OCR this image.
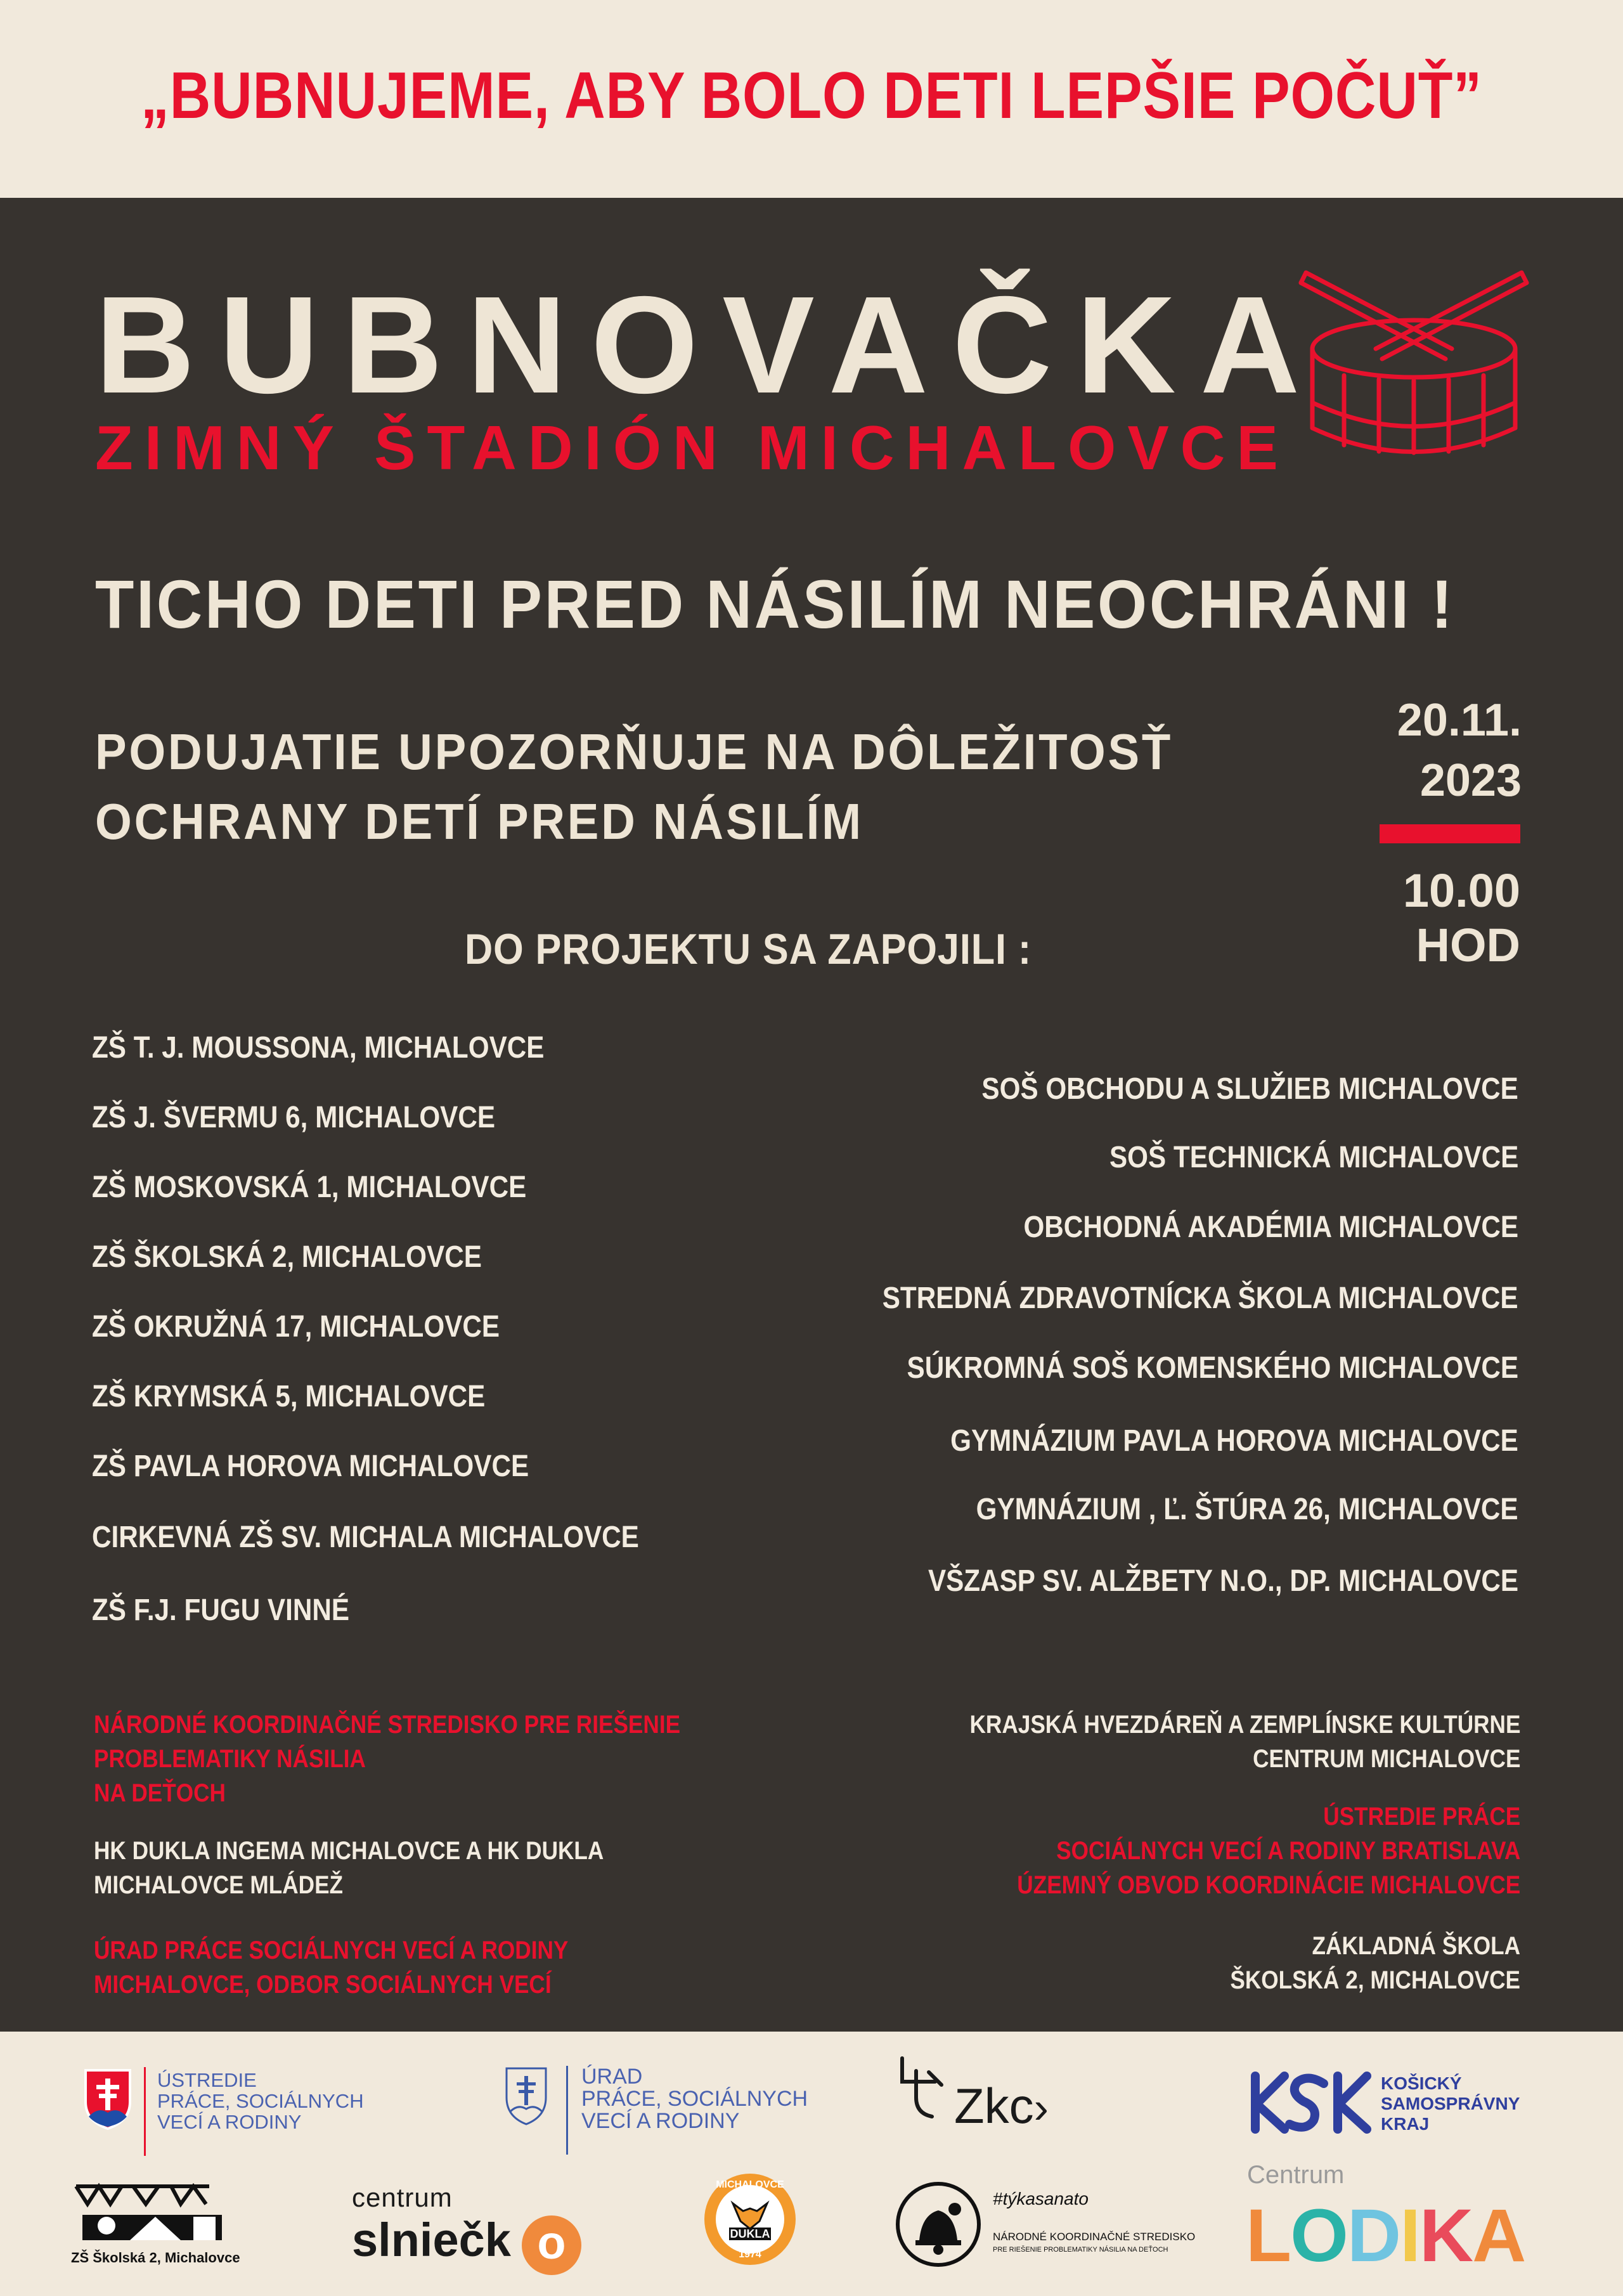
„BUBNUJEME, ABY BOLO DETI LEPŠIE POČUŤ”
BUBNOVAČKA
ZIMNÝ ŠTADIÓN MICHALOVCE
TICHO DETI PRED NÁSILÍM NEOCHRÁNI !
PODUJATIE UPOZORŇUJE NA DÔLEŽITOSŤ
OCHRANY DETÍ PRED NÁSILÍM
20.11.
2023
10.00
HOD
DO PROJEKTU SA ZAPOJILI :
ZŠ T. J. MOUSSONA, MICHALOVCE
ZŠ J. ŠVERMU 6, MICHALOVCE
ZŠ MOSKOVSKÁ 1, MICHALOVCE
ZŠ ŠKOLSKÁ 2, MICHALOVCE
ZŠ OKRUŽNÁ 17, MICHALOVCE
ZŠ KRYMSKÁ 5, MICHALOVCE
ZŠ PAVLA HOROVA MICHALOVCE
CIRKEVNÁ ZŠ SV. MICHALA MICHALOVCE
ZŠ F.J. FUGU VINNÉ
SOŠ OBCHODU A SLUŽIEB MICHALOVCE
SOŠ TECHNICKÁ MICHALOVCE
OBCHODNÁ AKADÉMIA MICHALOVCE
STREDNÁ ZDRAVOTNÍCKA ŠKOLA MICHALOVCE
SÚKROMNÁ SOŠ KOMENSKÉHO MICHALOVCE
GYMNÁZIUM PAVLA HOROVA MICHALOVCE
GYMNÁZIUM , Ľ. ŠTÚRA 26, MICHALOVCE
VŠZASP SV. ALŽBETY N.O., DP. MICHALOVCE
NÁRODNÉ KOORDINAČNÉ STREDISKO PRE RIEŠENIE
PROBLEMATIKY NÁSILIA
NA DEŤOCH
HK DUKLA INGEMA MICHALOVCE A HK DUKLA
MICHALOVCE MLÁDEŽ
ÚRAD PRÁCE SOCIÁLNYCH VECÍ A RODINY
MICHALOVCE, ODBOR SOCIÁLNYCH VECÍ
KRAJSKÁ HVEZDÁREŇ A ZEMPLÍNSKE KULTÚRNE
CENTRUM MICHALOVCE
ÚSTREDIE PRÁCE
SOCIÁLNYCH VECÍ A RODINY BRATISLAVA
ÚZEMNÝ OBVOD KOORDINÁCIE MICHALOVCE
ZÁKLADNÁ ŠKOLA
ŠKOLSKÁ 2, MICHALOVCE
ÚSTREDIE
PRÁCE, SOCIÁLNYCH
VECÍ A RODINY
ÚRAD
PRÁCE, SOCIÁLNYCH
VECÍ A RODINY	Zkc›	KOŠICKÝ
SAMOSPRÁVNY
KRAJ
ZŠ Školská 2, Michalovce
centrum
slniečk o
MICHALOVCE
DUKLA
1974
#týkasanato
NÁRODNÉ KOORDINAČNÉ STREDISKO
PRE RIEŠENIE PROBLEMATIKY NÁSILIA NA DEŤOCH
Centrum
LODIKA
